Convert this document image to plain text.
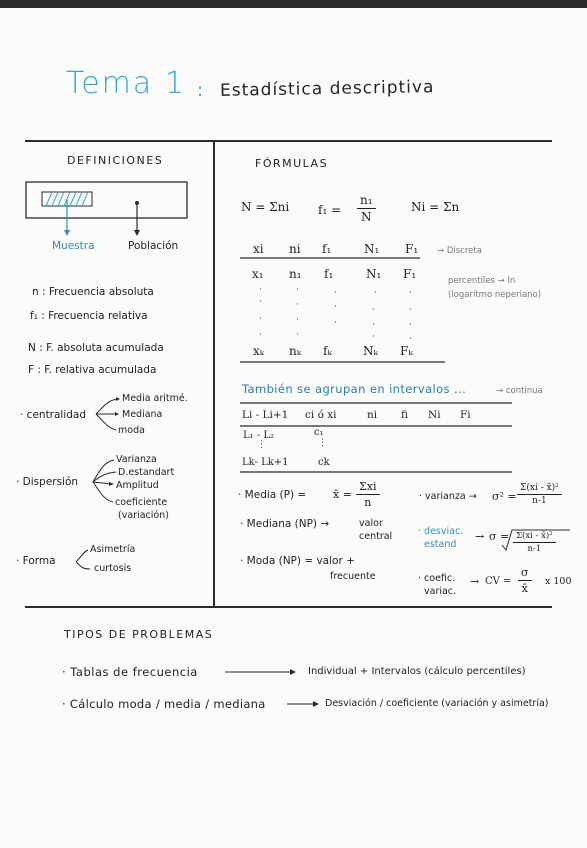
Tema 1 : Estadística descriptiva
DEFINICIONES
Muestra	Población
n : Frecuencia absoluta
f₁ : Frecuencia relativa
N : F. absoluta acumulada
F : F. relativa acumulada
· centralidad
Media aritmé.
Mediana
moda
· Dispersión
Varianza
D.estandart
Amplitud
coeficiente
(variación)
· Forma
Asimetría
curtosis
FÓRMULAS
N = Σni $f_1 = \frac{\text{n₁}}{N}$	Ni = Σn
xi ni f₁	N₁ F₁ → Discreta
x₁ n₁ f₁	N₁ F₁	percentiles → ln
(logaritmo neperiano)
·
·
·
·
·
·
·
·
·
·
·
·
·
·
·
·
·
·
·
xₖ nₖ fₖ	Nₖ Fₖ
También se agrupan en intervalos ...	→ continua
Li - Li+1 ci ó xi	ni fi Ni Fi
L₁ - L₂	c₁
⋮	⋮
Lk- Lk+1	ck
· Media (P) = x̄ =
Σxi
n
· Mediana (NP) →	valor
central
· Moda (NP) = valor +
frecuente
· varianza → $\sigma^2 = \frac{\text{Σ(xi - x̄)²}}{n-1}$
· desviac.
estand
→ $\sigma = \frac{\text{Σ(xi - x̄)²}}{n-1}$
· coefic.
variac.
→ CV = $\frac{\sigma}{x̄}$ x 100
TIPOS DE PROBLEMAS
· Tablas de frecuencia	Individual + Intervalos (cálculo percentiles)
· Cálculo moda / media / mediana	Desviación / coeficiente (variación y asimetría)
